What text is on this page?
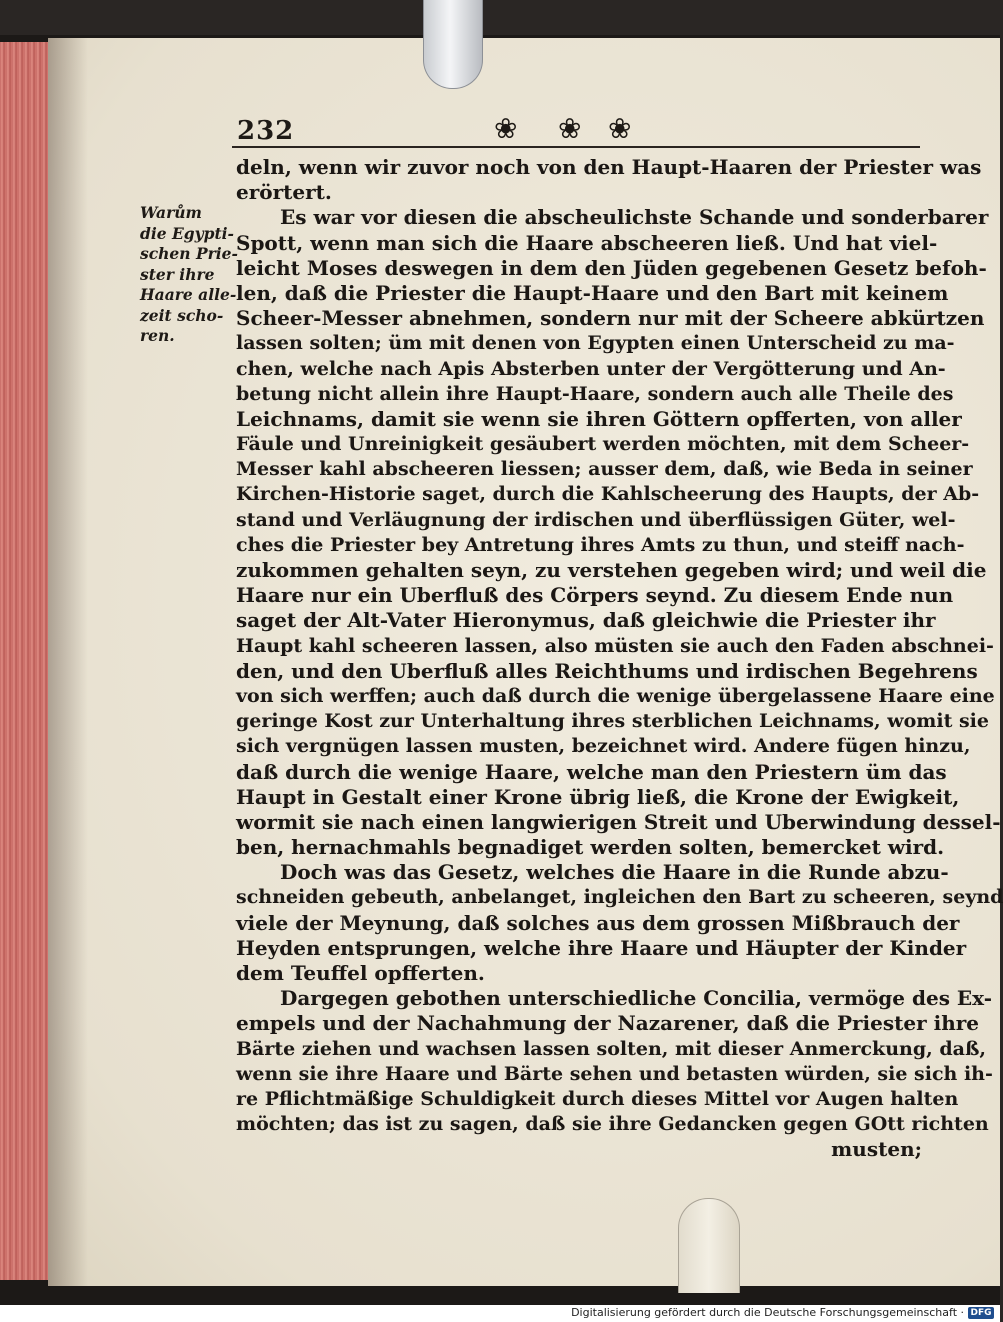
232	❀ ❀ ❀
Warům
die Egypti-
schen Prie-
ster ihre
Haare alle-
zeit scho-
ren.
deln, wenn wir zuvor noch von den Haupt-Haaren der Priester was
erörtert.
Es war vor diesen die abscheulichste Schande und sonderbarer
Spott, wenn man sich die Haare abscheeren ließ. Und hat viel-
leicht Moses deswegen in dem den Jüden gegebenen Gesetz befoh-
len, daß die Priester die Haupt-Haare und den Bart mit keinem
Scheer-Messer abnehmen, sondern nur mit der Scheere abkürtzen
lassen solten; üm mit denen von Egypten einen Unterscheid zu ma-
chen, welche nach Apis Absterben unter der Vergötterung und An-
betung nicht allein ihre Haupt-Haare, sondern auch alle Theile des
Leichnams, damit sie wenn sie ihren Göttern opfferten, von aller
Fäule und Unreinigkeit gesäubert werden möchten, mit dem Scheer-
Messer kahl abscheeren liessen; ausser dem, daß, wie Beda in seiner
Kirchen-Historie saget, durch die Kahlscheerung des Haupts, der Ab-
stand und Verläugnung der irdischen und überflüssigen Güter, wel-
ches die Priester bey Antretung ihres Amts zu thun, und steiff nach-
zukommen gehalten seyn, zu verstehen gegeben wird; und weil die
Haare nur ein Uberfluß des Cörpers seynd. Zu diesem Ende nun
saget der Alt-Vater Hieronymus, daß gleichwie die Priester ihr
Haupt kahl scheeren lassen, also müsten sie auch den Faden abschnei-
den, und den Uberfluß alles Reichthums und irdischen Begehrens
von sich werffen; auch daß durch die wenige übergelassene Haare eine
geringe Kost zur Unterhaltung ihres sterblichen Leichnams, womit sie
sich vergnügen lassen musten, bezeichnet wird. Andere fügen hinzu,
daß durch die wenige Haare, welche man den Priestern üm das
Haupt in Gestalt einer Krone übrig ließ, die Krone der Ewigkeit,
wormit sie nach einen langwierigen Streit und Uberwindung dessel-
ben, hernachmahls begnadiget werden solten, bemercket wird.
Doch was das Gesetz, welches die Haare in die Runde abzu-
schneiden gebeuth, anbelanget, ingleichen den Bart zu scheeren, seynd
viele der Meynung, daß solches aus dem grossen Mißbrauch der
Heyden entsprungen, welche ihre Haare und Häupter der Kinder
dem Teuffel opfferten.
Dargegen gebothen unterschiedliche Concilia, vermöge des Ex-
empels und der Nachahmung der Nazarener, daß die Priester ihre
Bärte ziehen und wachsen lassen solten, mit dieser Anmerckung, daß,
wenn sie ihre Haare und Bärte sehen und betasten würden, sie sich ih-
re Pflichtmäßige Schuldigkeit durch dieses Mittel vor Augen halten
möchten; das ist zu sagen, daß sie ihre Gedancken gegen GOtt richten
musten;
Digitalisierung gefördert durch die Deutsche Forschungsgemeinschaft · DFG
